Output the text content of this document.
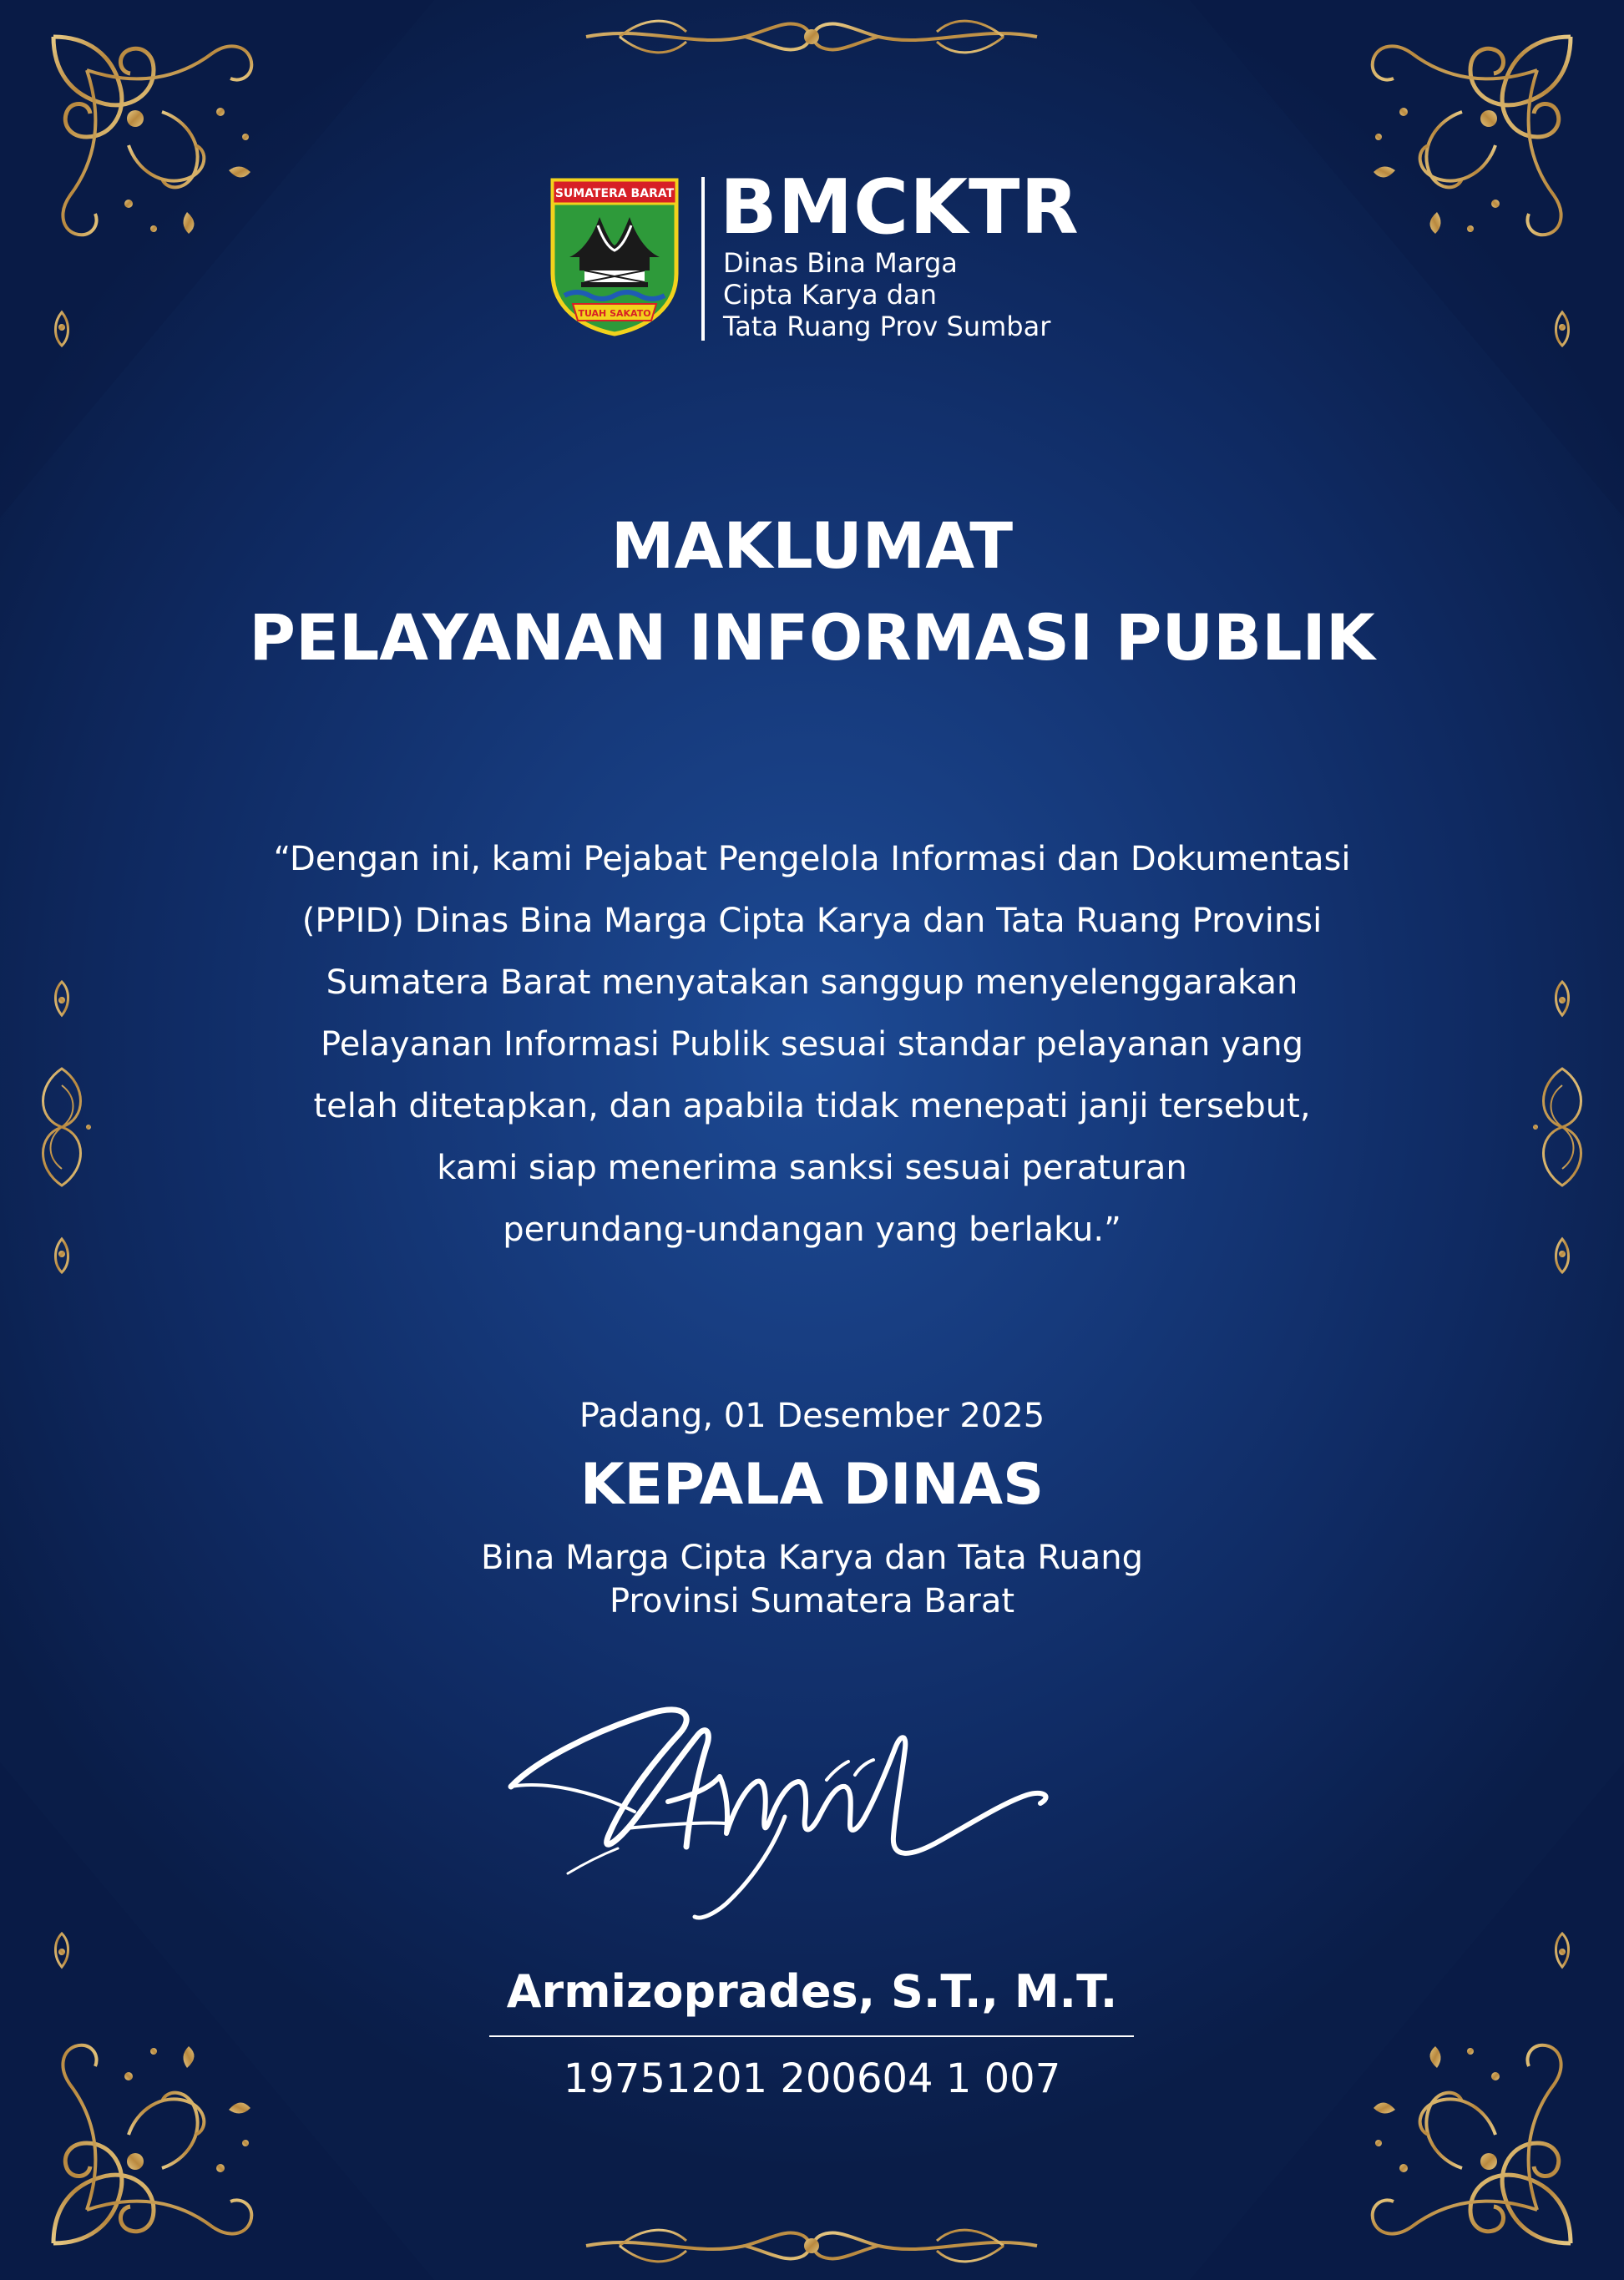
SUMATERA BARAT
TUAH SAKATO
BMCKTR

Dinas Bina Marga

Cipta Karya dan

Tata Ruang Prov Sumbar

MAKLUMAT
PELAYANAN INFORMASI PUBLIK

“Dengan ini, kami Pejabat Pengelola Informasi dan Dokumentasi
(PPID) Dinas Bina Marga Cipta Karya dan Tata Ruang Provinsi
Sumatera Barat menyatakan sanggup menyelenggarakan
Pelayanan Informasi Publik sesuai standar pelayanan yang
telah ditetapkan, dan apabila tidak menepati janji tersebut,
kami siap menerima sanksi sesuai peraturan
perundang-undangan yang berlaku.”

Padang, 01 Desember 2025

KEPALA DINAS

Bina Marga Cipta Karya dan Tata Ruang

Provinsi Sumatera Barat

Armizoprades, S.T., M.T.

19751201 200604 1 007
